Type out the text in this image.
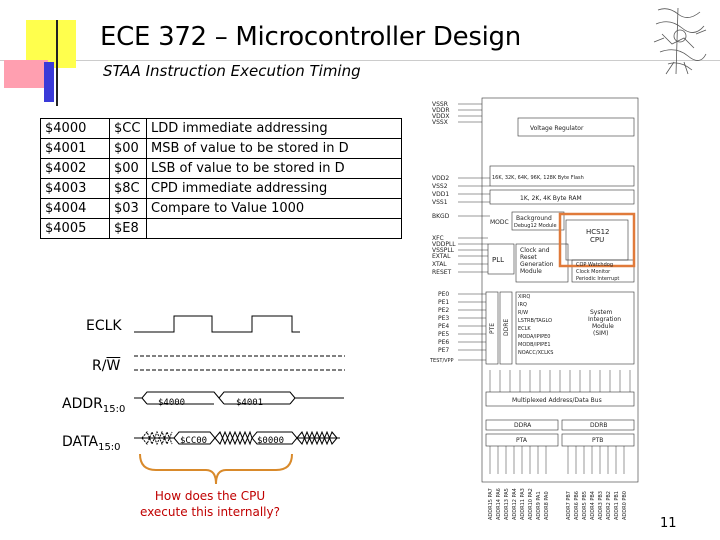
ECE 372 – Microcontroller Design
STAA Instruction Execution Timing
$4000	$CC	LDD immediate addressing
$4001	$00	MSB of value to be stored in D
$4002	$00	LSB of value to be stored in D
$4003	$8C	CPD immediate addressing
$4004	$03	Compare to Value 1000
$4005	$E8	
ECLK
$R/\overline{W}$
$ADDR_{15:0}$
$DATA_{15:0}$
$4000	$4001
$CC00	$0000
How does the CPU
execute this internally?
11
VSSR
VDDR
VDDX
VSSX
Voltage Regulator
16K, 32K, 64K, 96K, 128K Byte Flash
1K, 2K, 4K Byte RAM
VDD2
VSS2
VDD1
VSS1
BKGD
MODC
Background
Debug12 Module
HCS12
CPU
XFC
VDDPLL
VSSPLL
EXTAL
XTAL
RESET
PLL
Clock and
Reset
Generation
Module
COP Watchdog
Clock Monitor
Periodic Interrupt
PE0
PE1
PE2
PE3
PE4
PE5
PE6
PE7
TEST/VPP
XIRQ
IRQ
R/W
LSTRB/TAGLO
ECLK
MODA/IPIPE0
MODB/IPIPE1
NOACC/XCLKS
PTE DDRE
System
Integration
Module
(SIM)
Multiplexed Address/Data Bus
DDRA	DDRB
PTA	PTB
ADDR15 PA7 ADDR14 PA6 ADDR13 PA5 ADDR12 PA4 ADDR11 PA3 ADDR10 PA2 ADDR9 PA1 ADDR8 PA0	ADDR7 PB7 ADDR6 PB6 ADDR5 PB5 ADDR4 PB4 ADDR3 PB3 ADDR2 PB2 ADDR1 PB1 ADDR0 PB0
